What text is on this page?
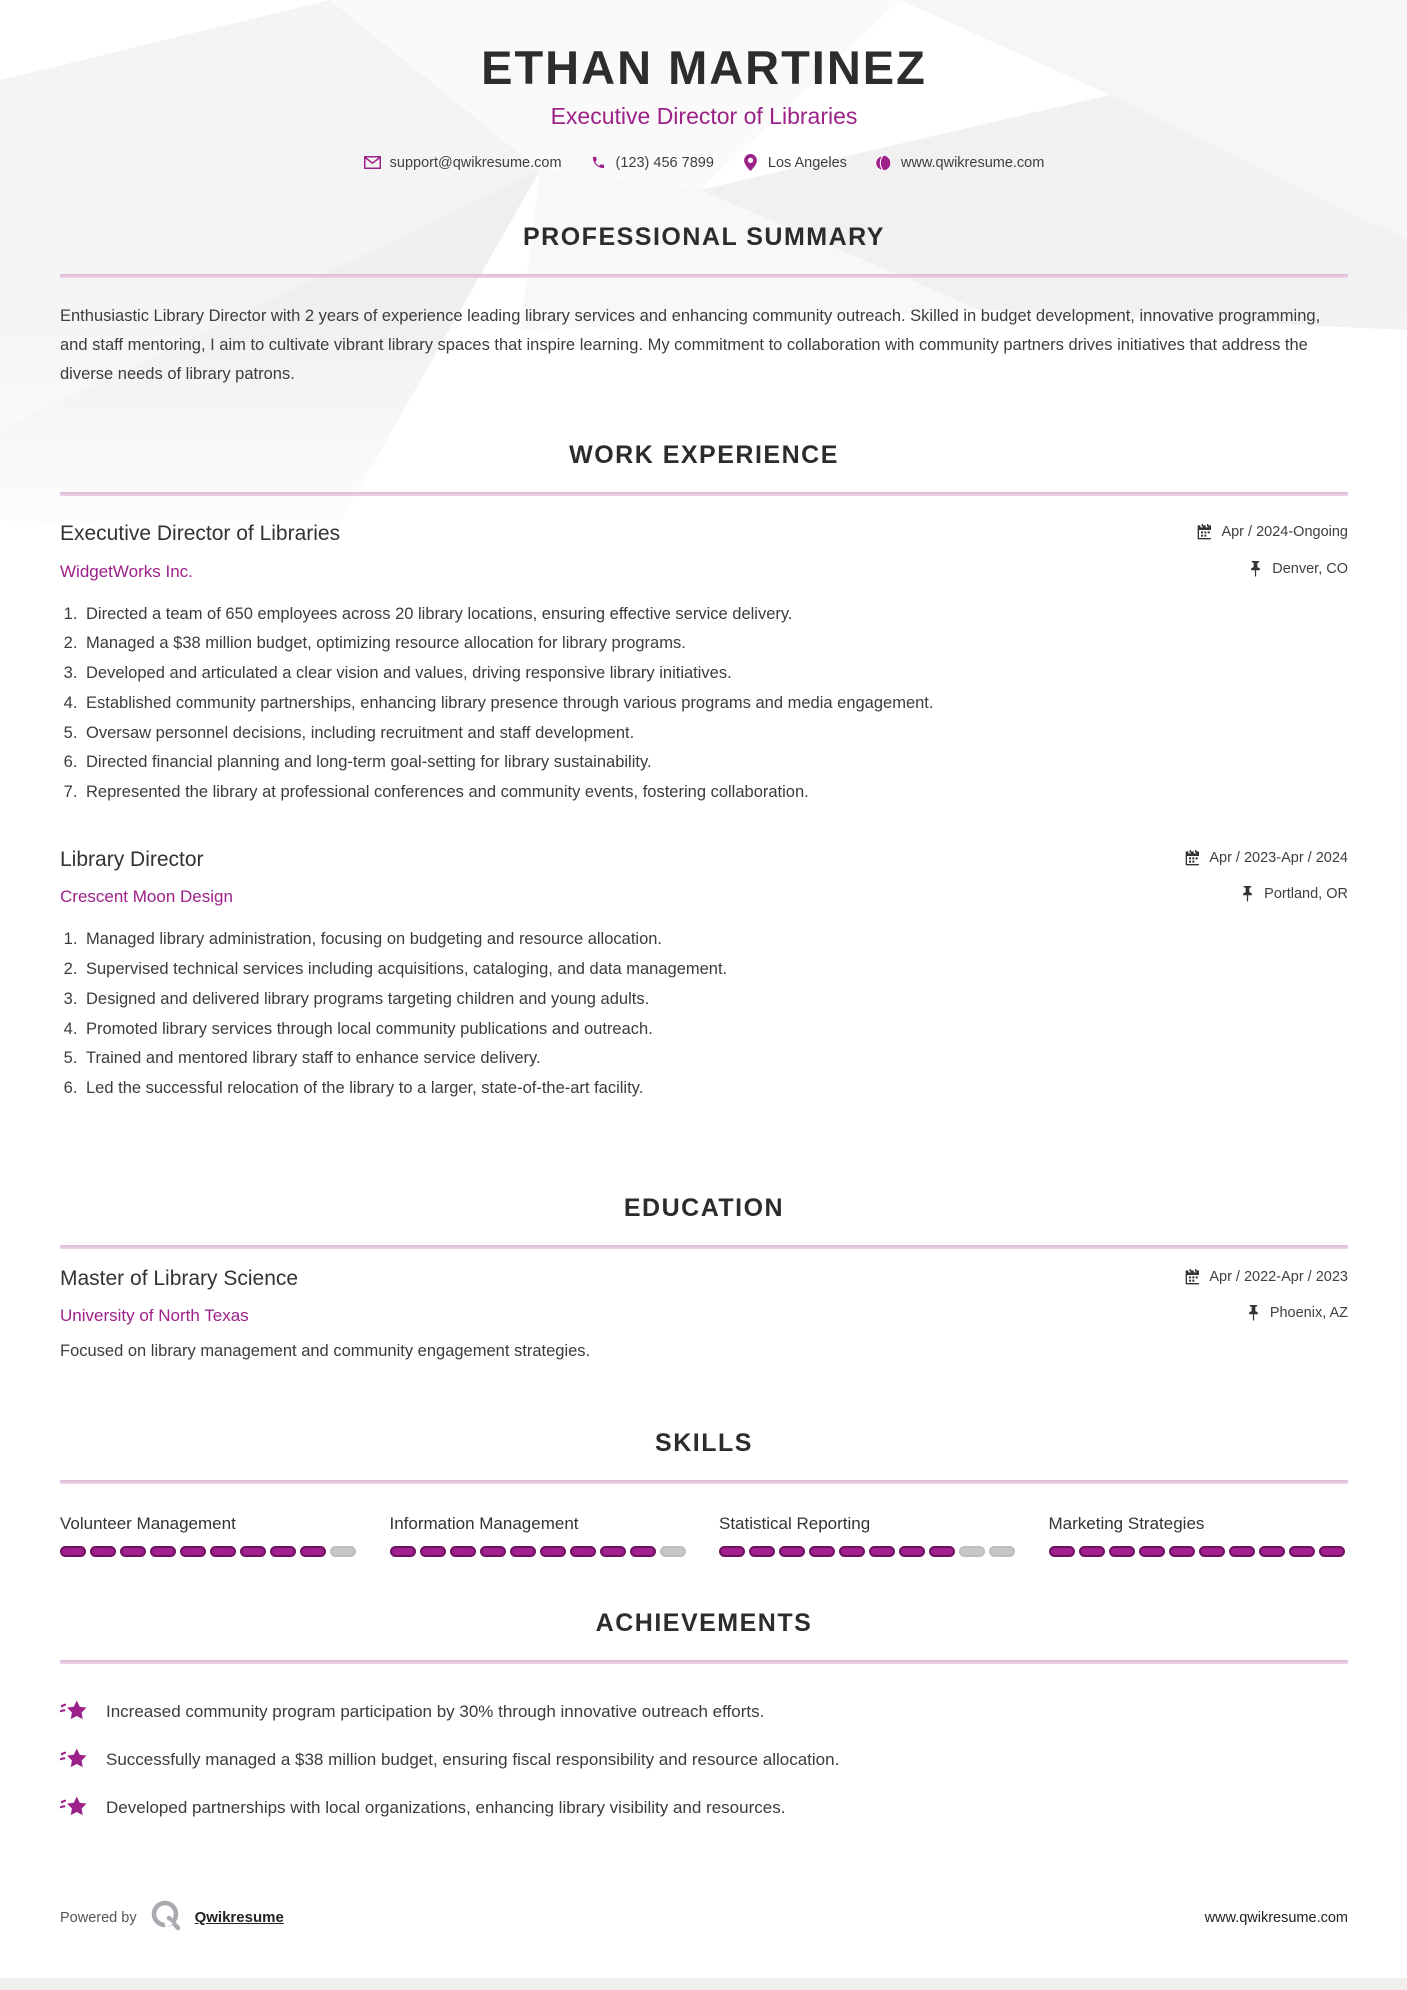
ETHAN MARTINEZ
Executive Director of Libraries
support@qwikresume.com	(123) 456 7899	Los Angeles	www.qwikresume.com
PROFESSIONAL SUMMARY
Enthusiastic Library Director with 2 years of experience leading library services and enhancing community outreach. Skilled in budget development, innovative programming, and staff mentoring, I aim to cultivate vibrant library spaces that inspire learning. My commitment to collaboration with community partners drives initiatives that address the diverse needs of library patrons.
WORK EXPERIENCE
Executive Director of Libraries	Apr / 2024-Ongoing
WidgetWorks Inc.	Denver, CO
1. Directed a team of 650 employees across 20 library locations, ensuring effective service delivery.
2. Managed a $38 million budget, optimizing resource allocation for library programs.
3. Developed and articulated a clear vision and values, driving responsive library initiatives.
4. Established community partnerships, enhancing library presence through various programs and media engagement.
5. Oversaw personnel decisions, including recruitment and staff development.
6. Directed financial planning and long-term goal-setting for library sustainability.
7. Represented the library at professional conferences and community events, fostering collaboration.
Library Director	Apr / 2023-Apr / 2024
Crescent Moon Design	Portland, OR
1. Managed library administration, focusing on budgeting and resource allocation.
2. Supervised technical services including acquisitions, cataloging, and data management.
3. Designed and delivered library programs targeting children and young adults.
4. Promoted library services through local community publications and outreach.
5. Trained and mentored library staff to enhance service delivery.
6. Led the successful relocation of the library to a larger, state-of-the-art facility.
EDUCATION
Master of Library Science	Apr / 2022-Apr / 2023
University of North Texas	Phoenix, AZ
Focused on library management and community engagement strategies.
SKILLS
Volunteer Management	Information Management	Statistical Reporting	Marketing Strategies
ACHIEVEMENTS
Increased community program participation by 30% through innovative outreach efforts.
Successfully managed a $38 million budget, ensuring fiscal responsibility and resource allocation.
Developed partnerships with local organizations, enhancing library visibility and resources.
Powered by	Qwikresume	www.qwikresume.com
